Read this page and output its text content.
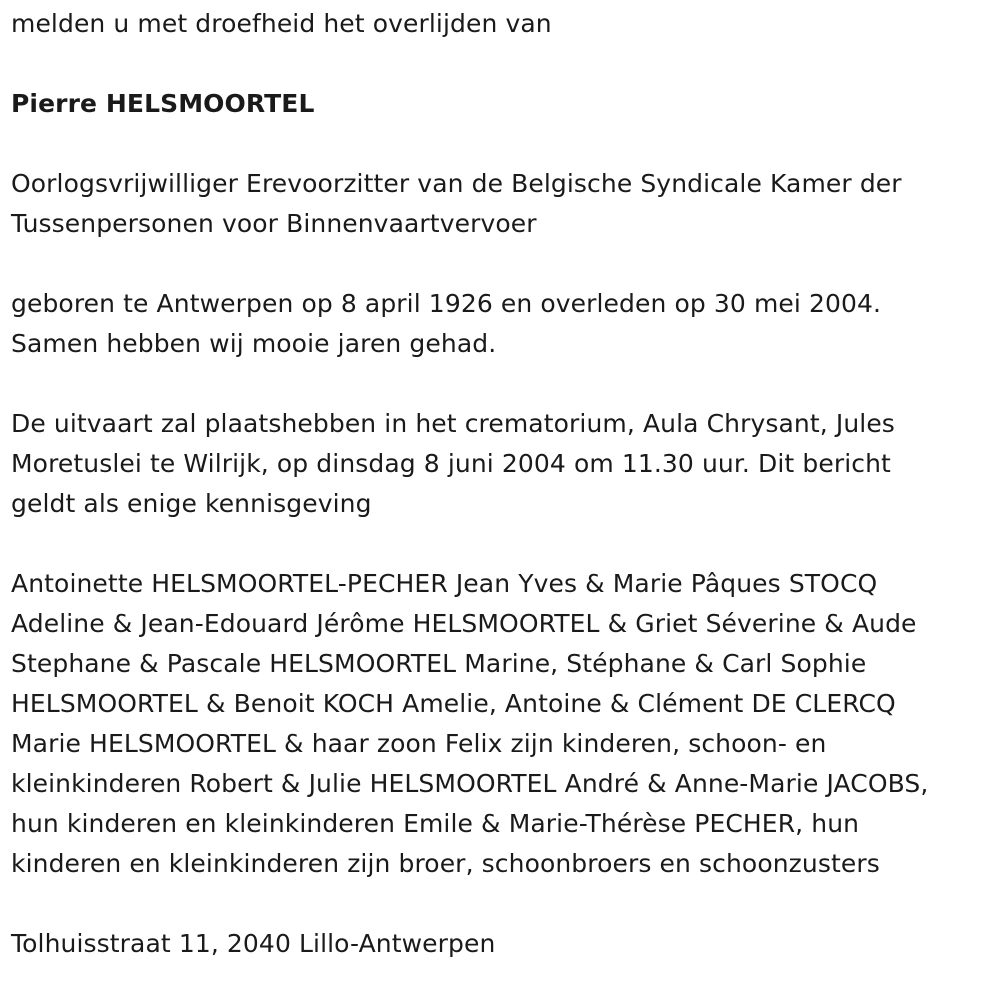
melden u met droefheid het overlijden van

Pierre HELSMOORTEL

Oorlogsvrijwilliger Erevoorzitter van de Belgische Syndicale Kamer der
Tussenpersonen voor Binnenvaartvervoer

geboren te Antwerpen op 8 april 1926 en overleden op 30 mei 2004.
Samen hebben wij mooie jaren gehad.

De uitvaart zal plaatshebben in het crematorium, Aula Chrysant, Jules
Moretuslei te Wilrijk, op dinsdag 8 juni 2004 om 11.30 uur. Dit bericht
geldt als enige kennisgeving

Antoinette HELSMOORTEL-PECHER Jean Yves & Marie Pâques STOCQ
Adeline & Jean-Edouard Jérôme HELSMOORTEL & Griet Séverine & Aude
Stephane & Pascale HELSMOORTEL Marine, Stéphane & Carl Sophie
HELSMOORTEL & Benoit KOCH Amelie, Antoine & Clément DE CLERCQ
Marie HELSMOORTEL & haar zoon Felix zijn kinderen, schoon- en
kleinkinderen Robert & Julie HELSMOORTEL André & Anne-Marie JACOBS,
hun kinderen en kleinkinderen Emile & Marie-Thérèse PECHER, hun
kinderen en kleinkinderen zijn broer, schoonbroers en schoonzusters

Tolhuisstraat 11, 2040 Lillo-Antwerpen
